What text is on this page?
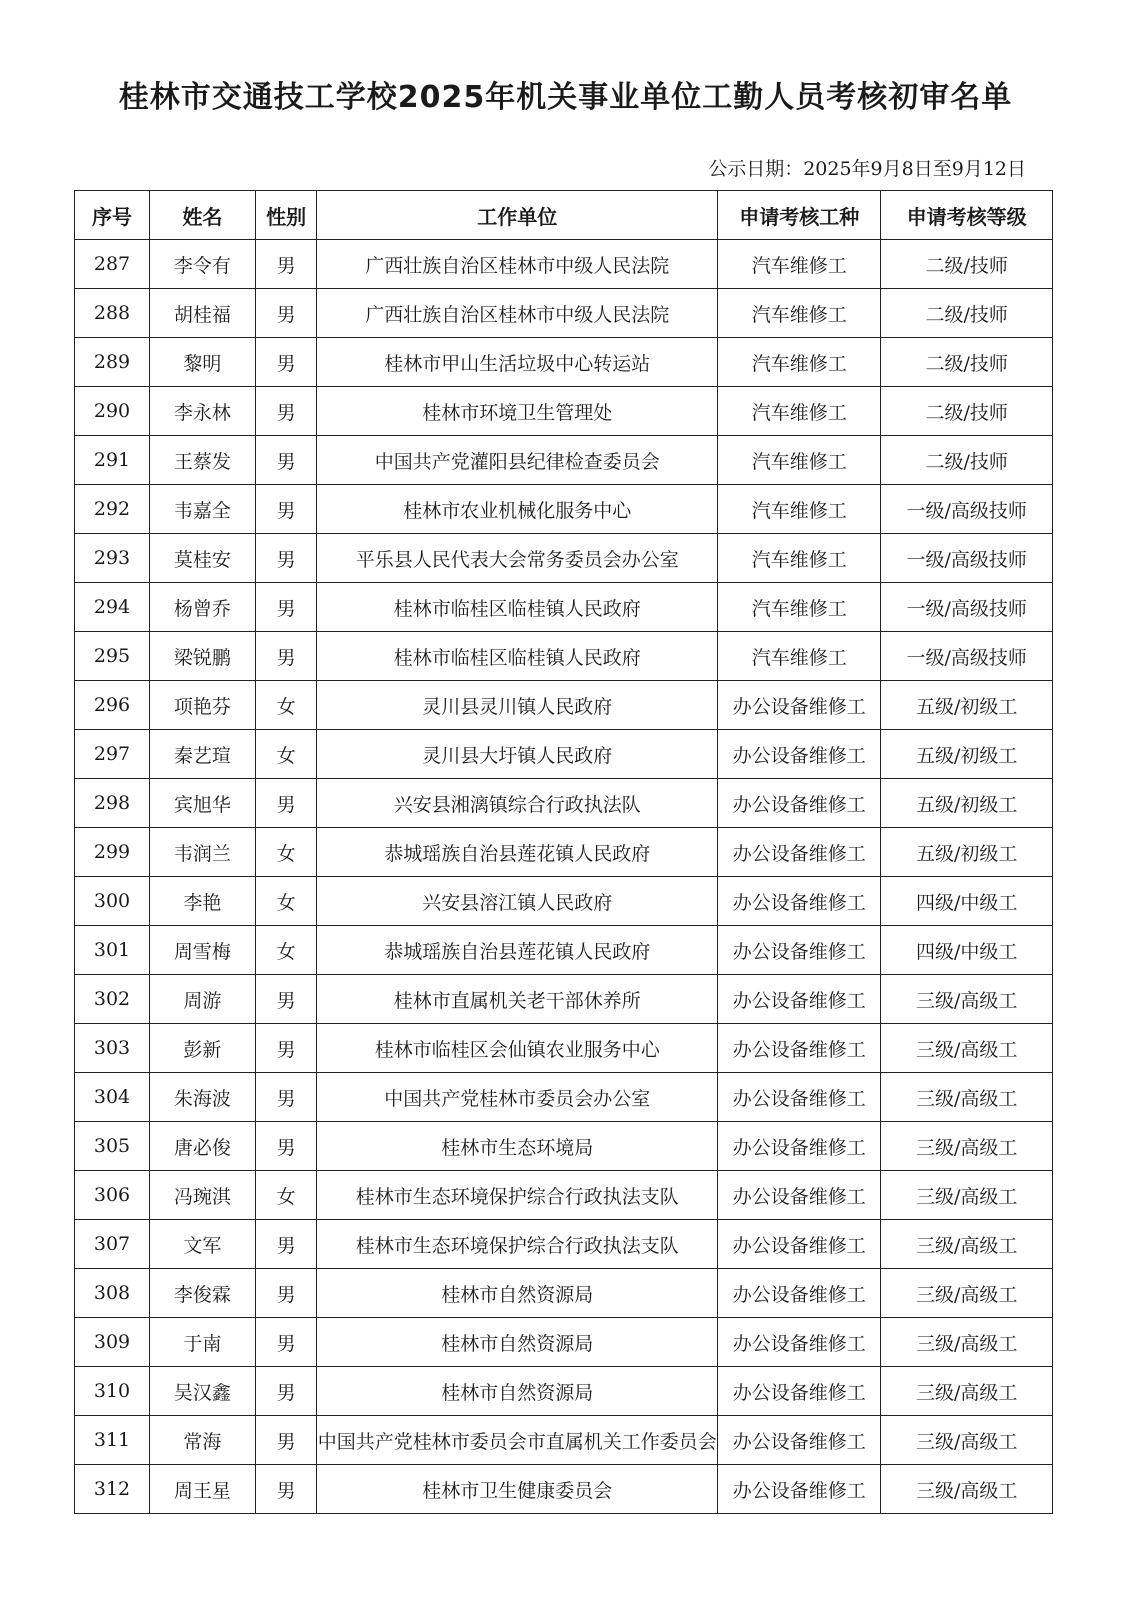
桂林市交通技工学校2025年机关事业单位工勤人员考核初审名单
公示日期：2025年9月8日至9月12日
序号	姓名	性别	工作单位	申请考核工种	申请考核等级
287	李令有	男	广西壮族自治区桂林市中级人民法院	汽车维修工	二级/技师
288	胡桂福	男	广西壮族自治区桂林市中级人民法院	汽车维修工	二级/技师
289	黎明	男	桂林市甲山生活垃圾中心转运站	汽车维修工	二级/技师
290	李永林	男	桂林市环境卫生管理处	汽车维修工	二级/技师
291	王蔡发	男	中国共产党灌阳县纪律检查委员会	汽车维修工	二级/技师
292	韦嘉全	男	桂林市农业机械化服务中心	汽车维修工	一级/高级技师
293	莫桂安	男	平乐县人民代表大会常务委员会办公室	汽车维修工	一级/高级技师
294	杨曾乔	男	桂林市临桂区临桂镇人民政府	汽车维修工	一级/高级技师
295	梁锐鹏	男	桂林市临桂区临桂镇人民政府	汽车维修工	一级/高级技师
296	项艳芬	女	灵川县灵川镇人民政府	办公设备维修工	五级/初级工
297	秦艺瑄	女	灵川县大圩镇人民政府	办公设备维修工	五级/初级工
298	宾旭华	男	兴安县湘漓镇综合行政执法队	办公设备维修工	五级/初级工
299	韦润兰	女	恭城瑶族自治县莲花镇人民政府	办公设备维修工	五级/初级工
300	李艳	女	兴安县溶江镇人民政府	办公设备维修工	四级/中级工
301	周雪梅	女	恭城瑶族自治县莲花镇人民政府	办公设备维修工	四级/中级工
302	周游	男	桂林市直属机关老干部休养所	办公设备维修工	三级/高级工
303	彭新	男	桂林市临桂区会仙镇农业服务中心	办公设备维修工	三级/高级工
304	朱海波	男	中国共产党桂林市委员会办公室	办公设备维修工	三级/高级工
305	唐必俊	男	桂林市生态环境局	办公设备维修工	三级/高级工
306	冯琬淇	女	桂林市生态环境保护综合行政执法支队	办公设备维修工	三级/高级工
307	文军	男	桂林市生态环境保护综合行政执法支队	办公设备维修工	三级/高级工
308	李俊霖	男	桂林市自然资源局	办公设备维修工	三级/高级工
309	于南	男	桂林市自然资源局	办公设备维修工	三级/高级工
310	吴汉鑫	男	桂林市自然资源局	办公设备维修工	三级/高级工
311	常海	男	中国共产党桂林市委员会市直属机关工作委员会	办公设备维修工	三级/高级工
312	周王星	男	桂林市卫生健康委员会	办公设备维修工	三级/高级工
